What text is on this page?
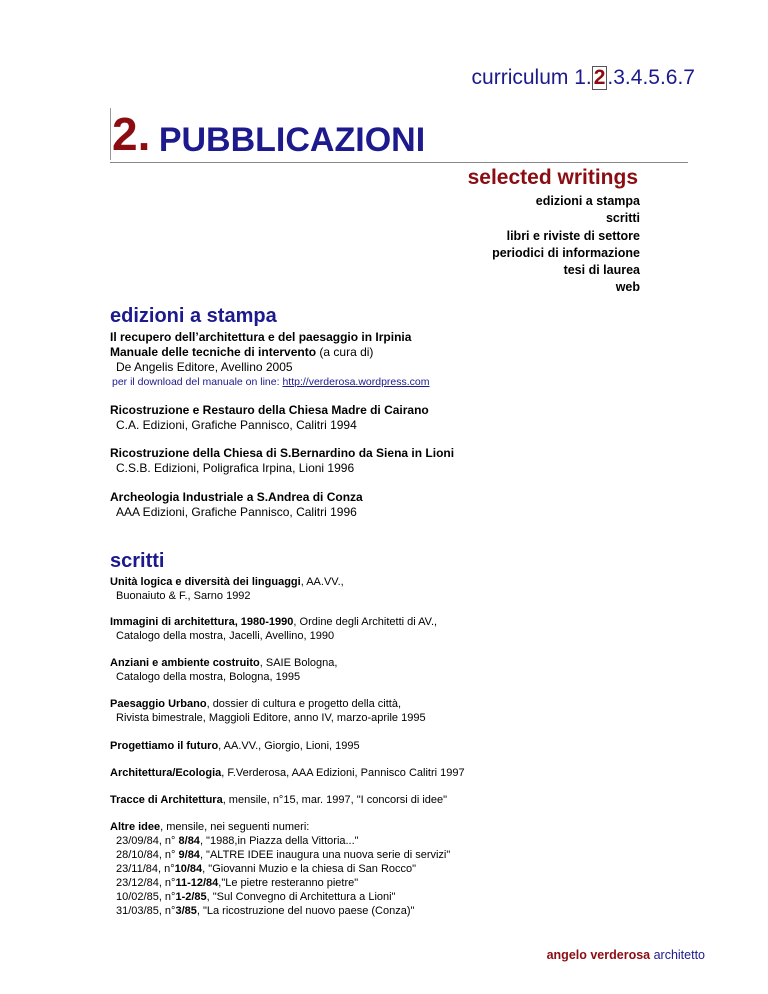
curriculum 1.2.3.4.5.6.7
2. PUBBLICAZIONI
selected writings
edizioni a stampa
scritti
libri e riviste di settore
periodici di informazione
tesi di laurea
web
edizioni a stampa
Il recupero dell’architettura e del paesaggio in Irpinia
Manuale delle tecniche di intervento (a cura di)
De Angelis Editore, Avellino 2005
per il download del manuale on line: http://verderosa.wordpress.com
Ricostruzione e Restauro della Chiesa Madre di Cairano
C.A. Edizioni, Grafiche Pannisco, Calitri 1994
Ricostruzione della Chiesa di S.Bernardino da Siena in Lioni
C.S.B. Edizioni, Poligrafica Irpina, Lioni 1996
Archeologia Industriale a S.Andrea di Conza
AAA Edizioni, Grafiche Pannisco, Calitri 1996
scritti
Unità logica e diversità dei linguaggi, AA.VV.,
Buonaiuto & F., Sarno 1992
Immagini di architettura, 1980-1990, Ordine degli Architetti di AV.,
Catalogo della mostra, Jacelli, Avellino, 1990
Anziani e ambiente costruito, SAIE Bologna,
Catalogo della mostra, Bologna, 1995
Paesaggio Urbano, dossier di cultura e progetto della città,
Rivista bimestrale, Maggioli Editore, anno IV, marzo-aprile 1995
Progettiamo il futuro, AA.VV., Giorgio, Lioni, 1995
Architettura/Ecologia, F.Verderosa, AAA Edizioni, Pannisco Calitri 1997
Tracce di Architettura, mensile, n°15, mar. 1997, "I concorsi di idee"
Altre idee, mensile, nei seguenti numeri:
23/09/84, n° 8/84, "1988,in Piazza della Vittoria..."
28/10/84, n° 9/84, "ALTRE IDEE inaugura una nuova serie di servizi"
23/11/84, n°10/84, "Giovanni Muzio e la chiesa di San Rocco"
23/12/84, n°11-12/84,"Le pietre resteranno pietre"
10/02/85, n°1-2/85, "Sul Convegno di Architettura a Lioni"
31/03/85, n°3/85, "La ricostruzione del nuovo paese (Conza)"
angelo verderosa architetto
